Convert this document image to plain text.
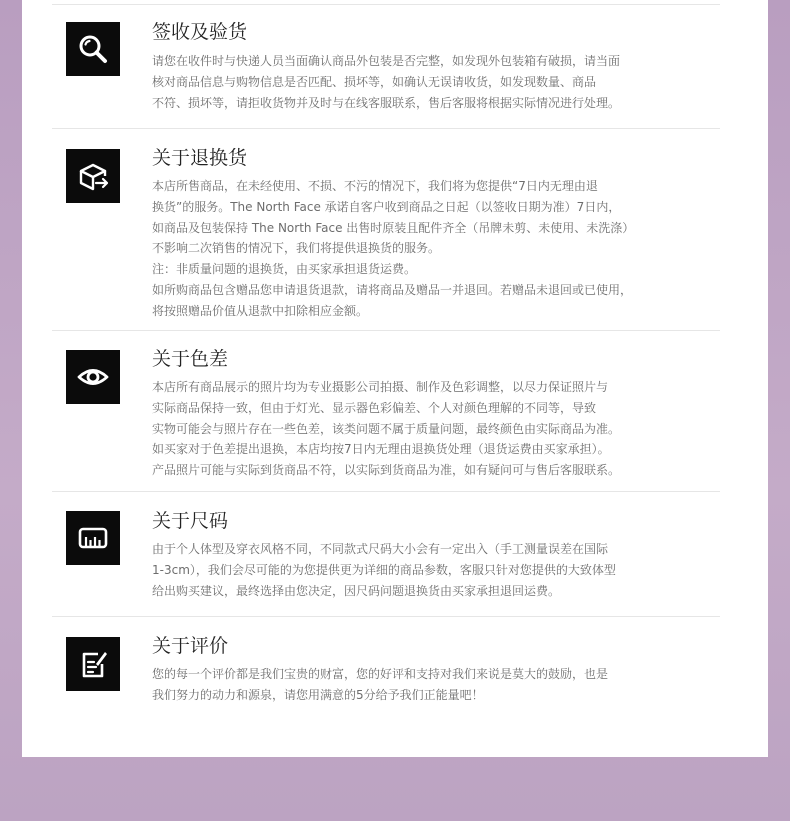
签收及验货
请您在收件时与快递人员当面确认商品外包装是否完整，如发现外包装箱有破损，请当面
核对商品信息与购物信息是否匹配、损坏等，如确认无误请收货，如发现数量、商品
不符、损坏等，请拒收货物并及时与在线客服联系，售后客服将根据实际情况进行处理。
关于退换货
本店所售商品，在未经使用、不损、不污的情况下，我们将为您提供“7日内无理由退
换货”的服务。The North Face 承诺自客户收到商品之日起（以签收日期为准）7日内，
如商品及包装保持 The North Face 出售时原装且配件齐全（吊牌未剪、未使用、未洗涤）
不影响二次销售的情况下，我们将提供退换货的服务。
注：非质量问题的退换货，由买家承担退货运费。
如所购商品包含赠品您申请退货退款，请将商品及赠品一并退回。若赠品未退回或已使用，
将按照赠品价值从退款中扣除相应金额。
关于色差
本店所有商品展示的照片均为专业摄影公司拍摄、制作及色彩调整，以尽力保证照片与
实际商品保持一致，但由于灯光、显示器色彩偏差、个人对颜色理解的不同等，导致
实物可能会与照片存在一些色差，该类问题不属于质量问题，最终颜色由实际商品为准。
如买家对于色差提出退换，本店均按7日内无理由退换货处理（退货运费由买家承担）。
产品照片可能与实际到货商品不符，以实际到货商品为准，如有疑问可与售后客服联系。
关于尺码
由于个人体型及穿衣风格不同，不同款式尺码大小会有一定出入（手工测量误差在国际
1-3cm），我们会尽可能的为您提供更为详细的商品参数，客服只针对您提供的大致体型
给出购买建议，最终选择由您决定，因尺码问题退换货由买家承担退回运费。
关于评价
您的每一个评价都是我们宝贵的财富，您的好评和支持对我们来说是莫大的鼓励，也是
我们努力的动力和源泉，请您用满意的5分给予我们正能量吧！
